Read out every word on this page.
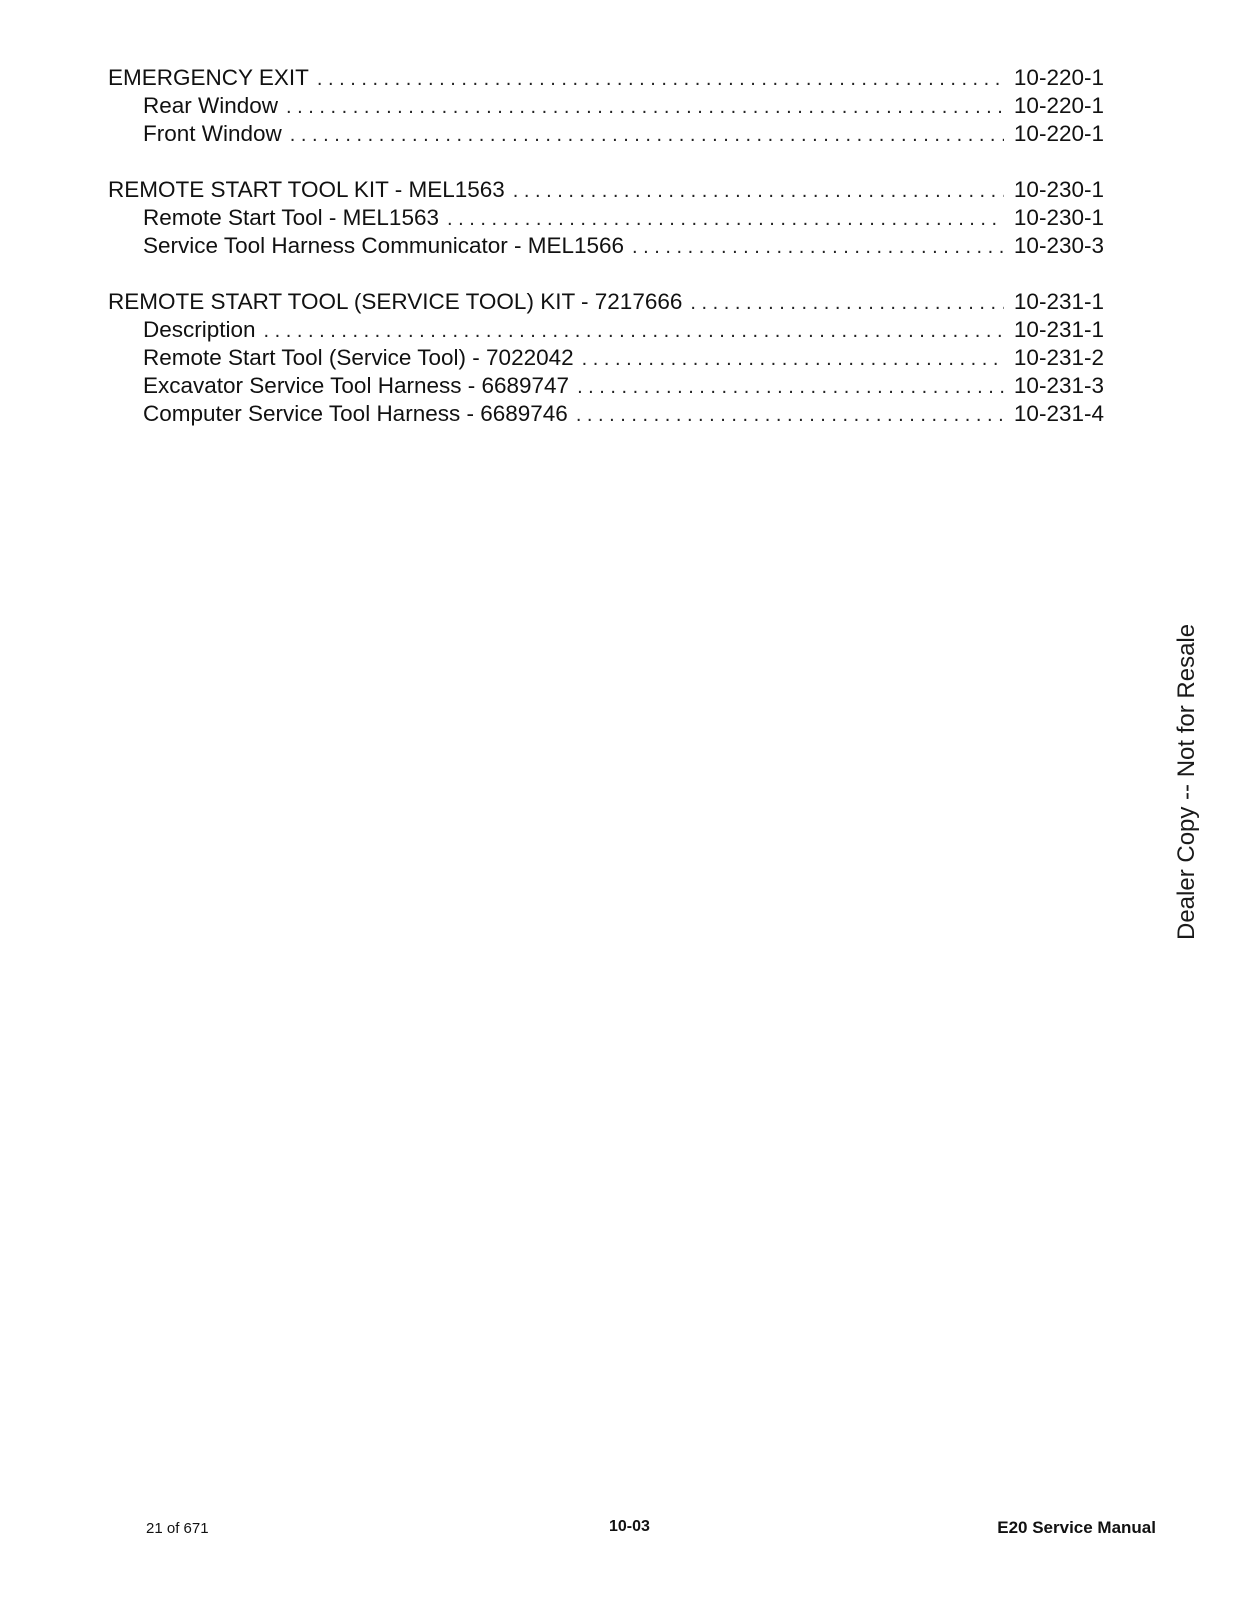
EMERGENCY EXIT . . .	10-220-1
Rear Window . . .	10-220-1
Front Window . . .	10-220-1
REMOTE START TOOL KIT - MEL1563 . . .	10-230-1
Remote Start Tool - MEL1563 . . .	10-230-1
Service Tool Harness Communicator - MEL1566 . . .	10-230-3
REMOTE START TOOL (SERVICE TOOL) KIT - 7217666 . . .	10-231-1
Description . . .	10-231-1
Remote Start Tool (Service Tool) - 7022042 . . .	10-231-2
Excavator Service Tool Harness - 6689747 . . .	10-231-3
Computer Service Tool Harness - 6689746 . . .	10-231-4
Dealer Copy -- Not for Resale
21 of 671	10-03	E20 Service Manual
